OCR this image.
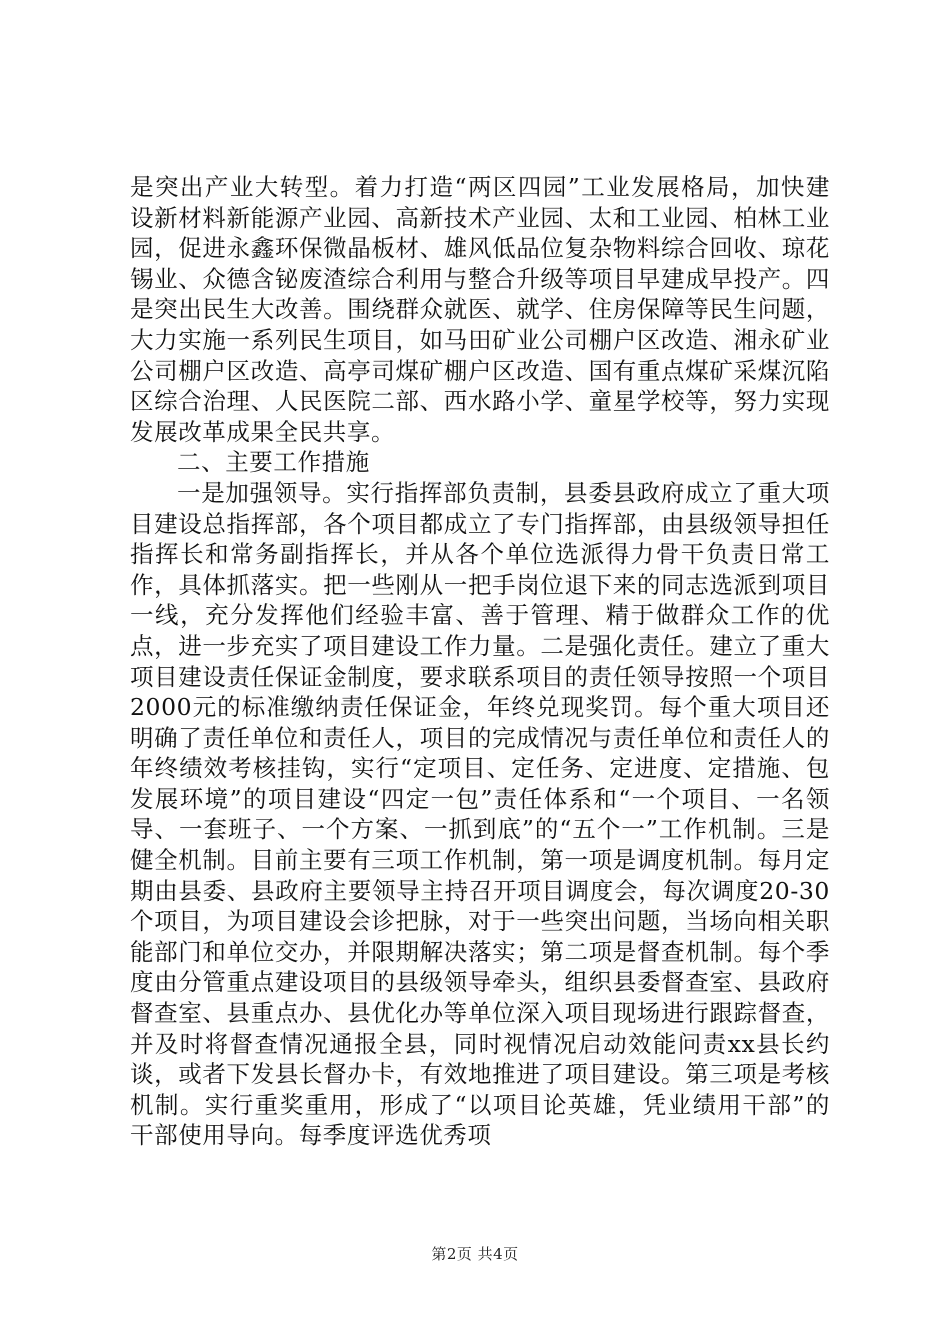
是突出产业大转型。着力打造“两区四园”工业发展格局，加快建设新材料新能源产业园、高新技术产业园、太和工业园、柏林工业园，促进永鑫环保微晶板材、雄风低品位复杂物料综合回收、琼花锡业、众德含铋废渣综合利用与整合升级等项目早建成早投产。四是突出民生大改善。围绕群众就医、就学、住房保障等民生问题，大力实施一系列民生项目，如马田矿业公司棚户区改造、湘永矿业公司棚户区改造、高亭司煤矿棚户区改造、国有重点煤矿采煤沉陷区综合治理、人民医院二部、西水路小学、童星学校等，努力实现发展改革成果全民共享。

二、主要工作措施

一是加强领导。实行指挥部负责制，县委县政府成立了重大项目建设总指挥部，各个项目都成立了专门指挥部，由县级领导担任指挥长和常务副指挥长，并从各个单位选派得力骨干负责日常工作，具体抓落实。把一些刚从一把手岗位退下来的同志选派到项目一线，充分发挥他们经验丰富、善于管理、精于做群众工作的优点，进一步充实了项目建设工作力量。二是强化责任。建立了重大项目建设责任保证金制度，要求联系项目的责任领导按照一个项目2000元的标准缴纳责任保证金，年终兑现奖罚。每个重大项目还明确了责任单位和责任人，项目的完成情况与责任单位和责任人的年终绩效考核挂钩，实行“定项目、定任务、定进度、定措施、包发展环境”的项目建设“四定一包”责任体系和“一个项目、一名领导、一套班子、一个方案、一抓到底”的“五个一”工作机制。三是健全机制。目前主要有三项工作机制，第一项是调度机制。每月定期由县委、县政府主要领导主持召开项目调度会，每次调度20-30个项目，为项目建设会诊把脉，对于一些突出问题，当场向相关职能部门和单位交办，并限期解决落实；第二项是督查机制。每个季度由分管重点建设项目的县级领导牵头，组织县委督查室、县政府督查室、县重点办、县优化办等单位深入项目现场进行跟踪督查，并及时将督查情况通报全县，同时视情况启动效能问责xx县长约谈，或者下发县长督办卡，有效地推进了项目建设。第三项是考核机制。实行重奖重用，形成了“以项目论英雄，凭业绩用干部”的干部使用导向。每季度评选优秀项

第2页 共4页
